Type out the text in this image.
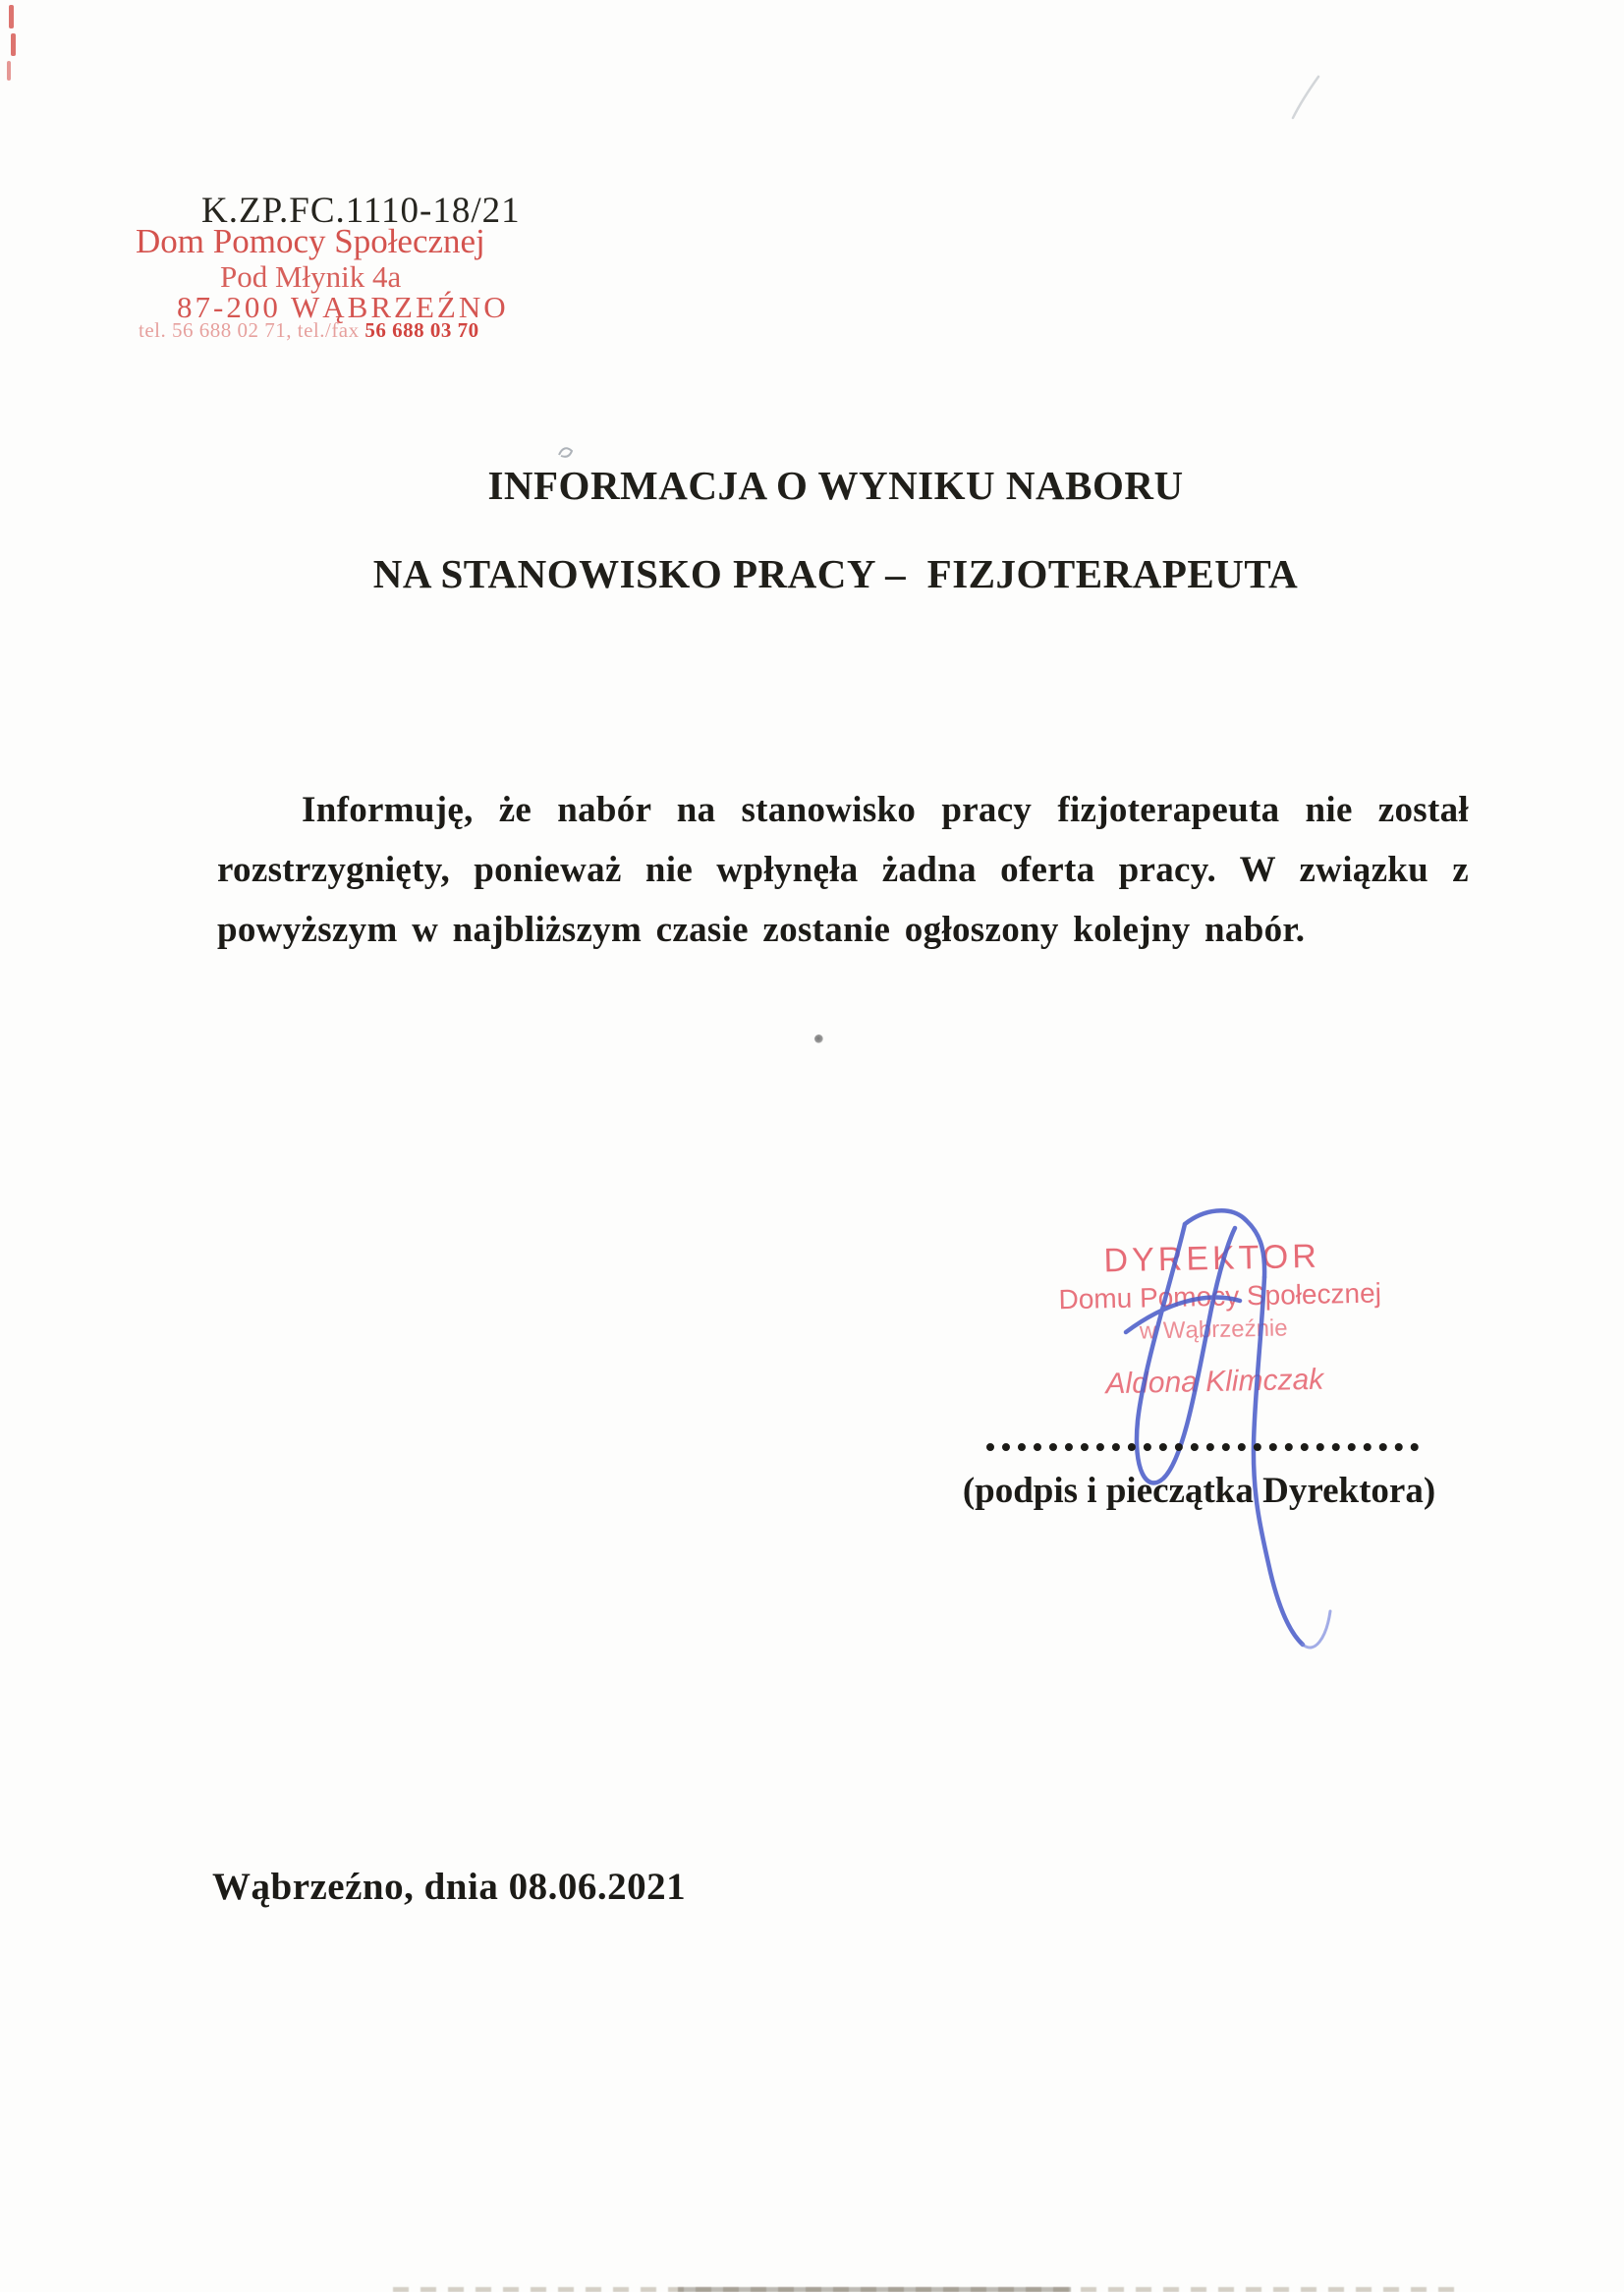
K.ZP.FC.1110-18/21
Dom Pomocy Społecznej
Pod Młynik 4a
87-200 WĄBRZEŹNO
tel. 56 688 02 71, tel./fax 56 688 03 70
INFORMACJA O WYNIKU NABORU
NA STANOWISKO PRACY –  FIZJOTERAPEUTA

Informuję, że nabór na stanowisko pracy fizjoterapeuta nie został rozstrzygnięty, ponieważ nie wpłynęła żadna oferta pracy. W związku z powyższym w najbliższym czasie zostanie ogłoszony kolejny nabór.

DYREKTOR
Domu Pomocy Społecznej
w Wąbrzeźnie
Aldona Klimczak
(podpis i pieczątka Dyrektora)
Wąbrzeźno, dnia 08.06.2021
